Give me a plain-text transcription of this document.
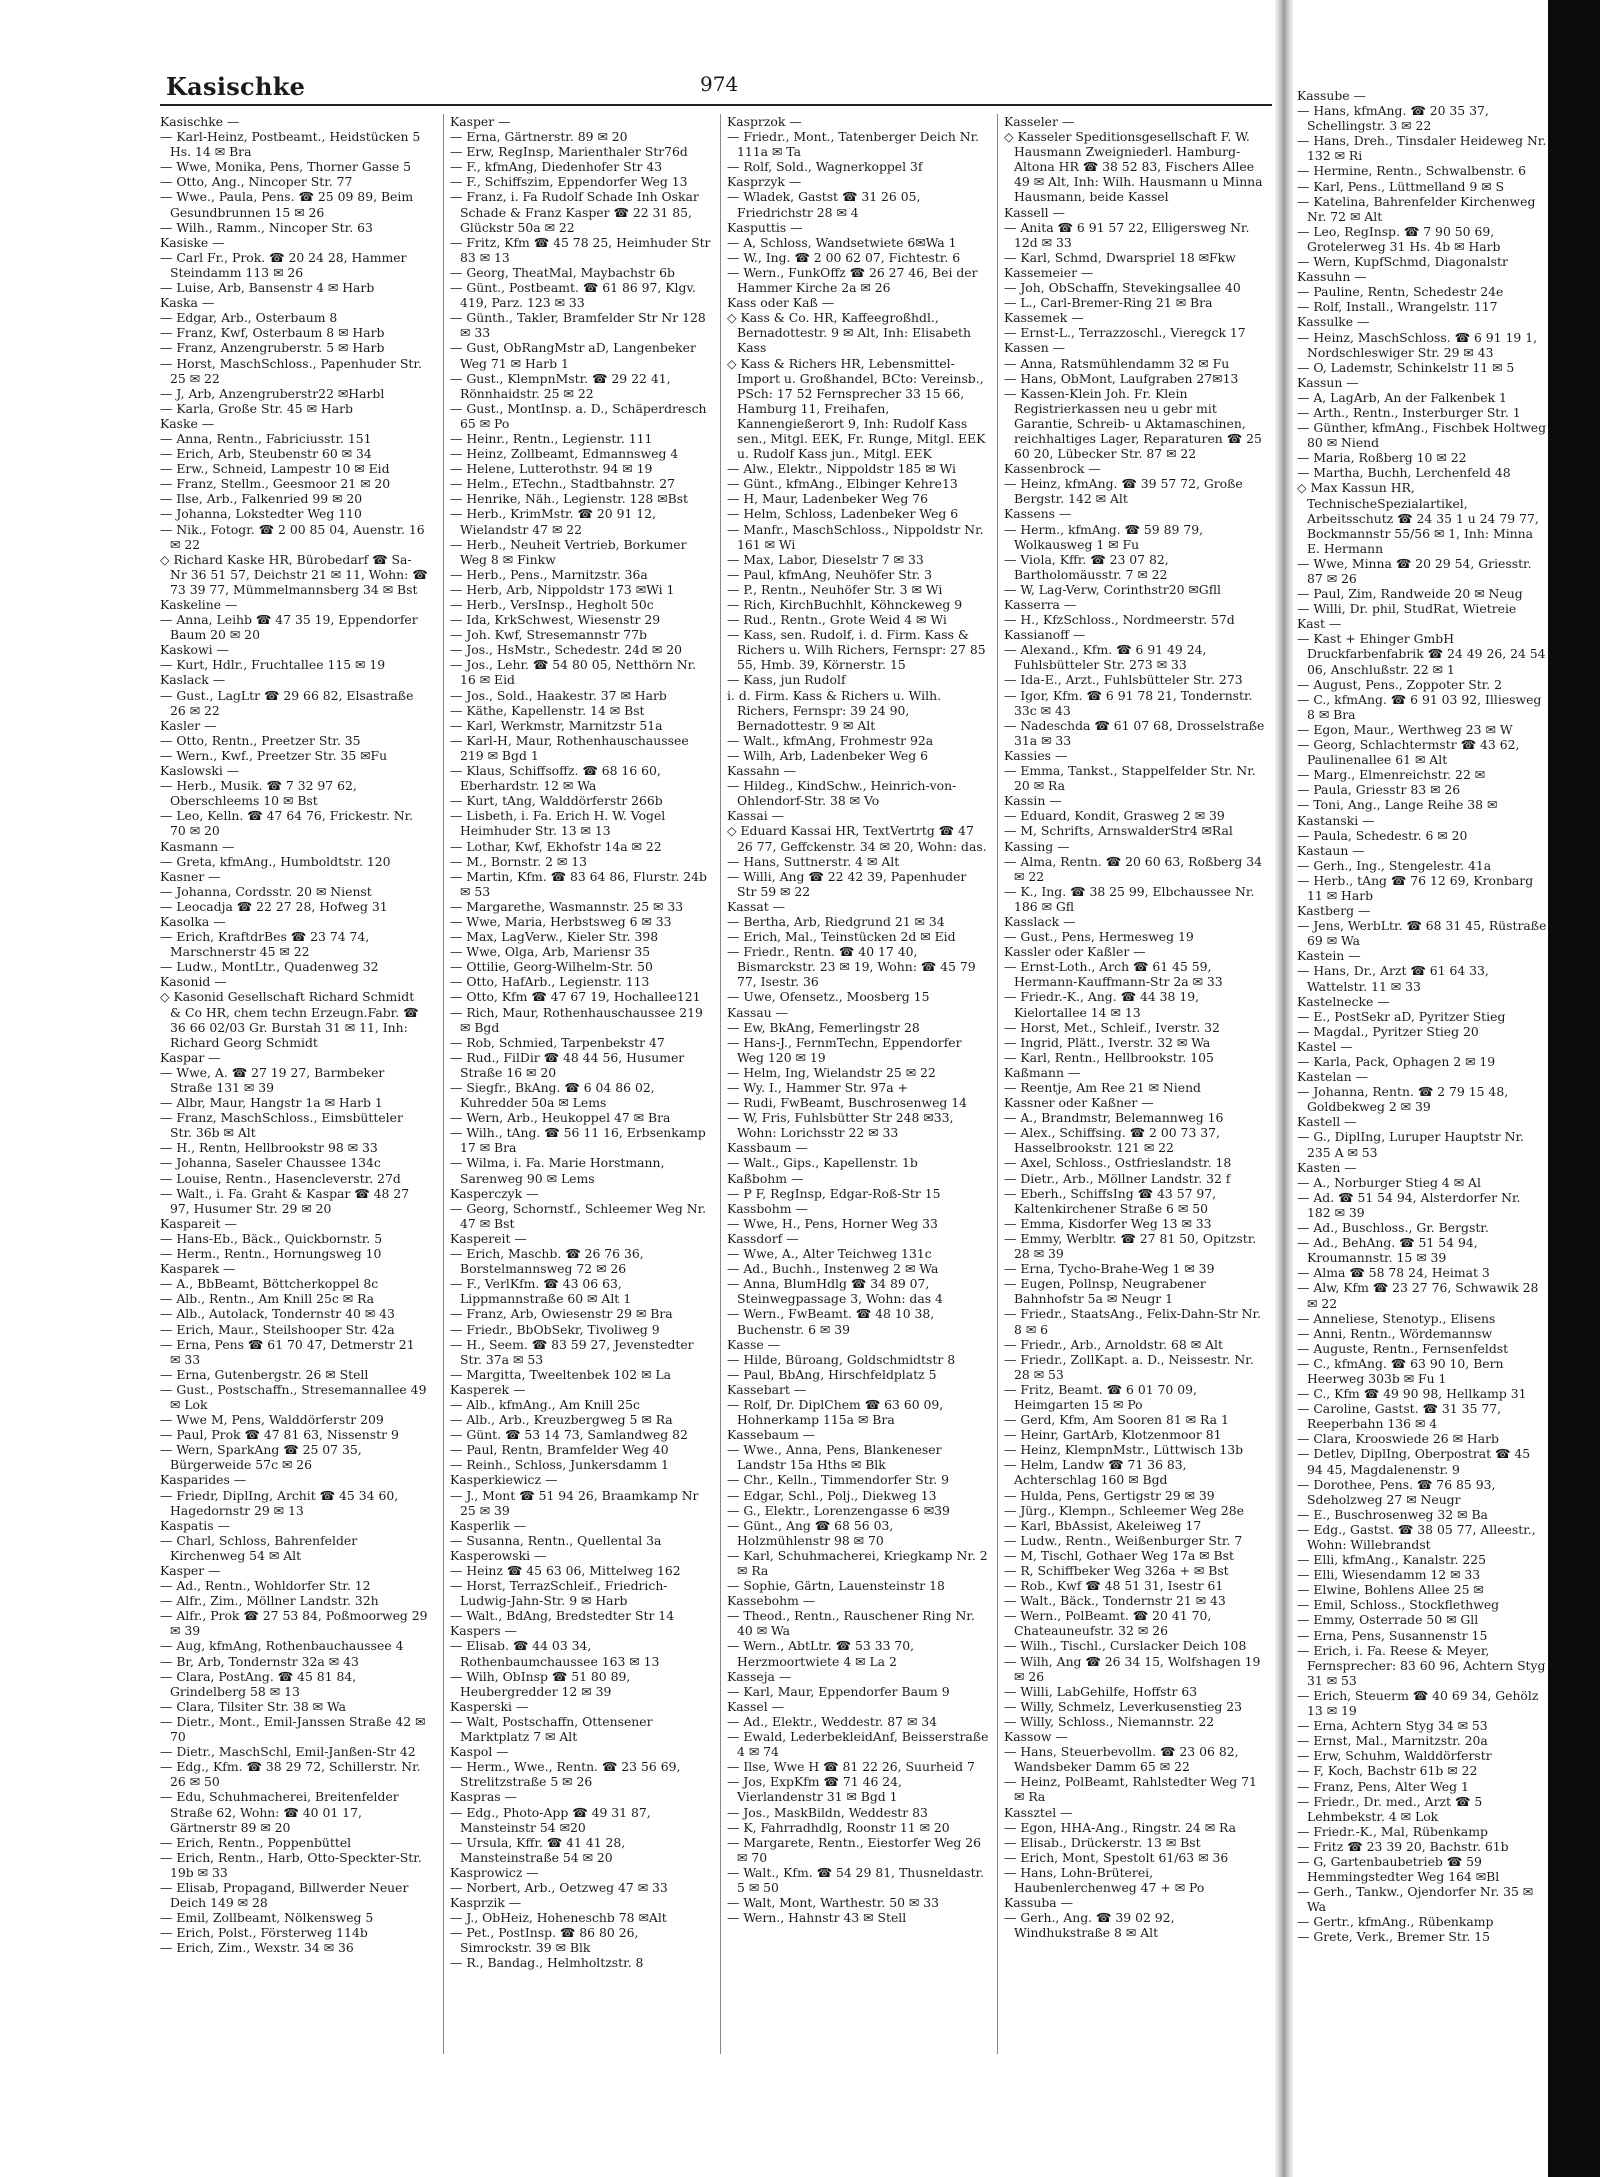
Kasischke	974

Kasischke —

— Karl-Heinz, Postbeamt., Heidstücken 5 Hs. 14 ✉ Bra

— Wwe, Monika, Pens, Thorner Gasse 5

— Otto, Ang., Nincoper Str. 77

— Wwe., Paula, Pens. ☎ 25 09 89, Beim Gesundbrunnen 15 ✉ 26

— Wilh., Ramm., Nincoper Str. 63

Kasiske —

— Carl Fr., Prok. ☎ 20 24 28, Hammer Steindamm 113 ✉ 26

— Luise, Arb, Bansenstr 4 ✉ Harb

Kaska —

— Edgar, Arb., Osterbaum 8

— Franz, Kwf, Osterbaum 8 ✉ Harb

— Franz, Anzengruberstr. 5 ✉ Harb

— Horst, MaschSchloss., Papenhuder Str. 25 ✉ 22

— J, Arb, Anzengruberstr22 ✉Harbl

— Karla, Große Str. 45 ✉ Harb

Kaske —

— Anna, Rentn., Fabriciusstr. 151

— Erich, Arb, Steubenstr 60 ✉ 34

— Erw., Schneid, Lampestr 10 ✉ Eid

— Franz, Stellm., Geesmoor 21 ✉ 20

— Ilse, Arb., Falkenried 99 ✉ 20

— Johanna, Lokstedter Weg 110

— Nik., Fotogr. ☎ 2 00 85 04, Auenstr. 16 ✉ 22

◇ Richard Kaske HR, Bürobedarf ☎ Sa-Nr 36 51 57, Deichstr 21 ✉ 11, Wohn: ☎ 73 39 77, Mümmelmannsberg 34 ✉ Bst

Kaskeline —

— Anna, Leihb ☎ 47 35 19, Eppendorfer Baum 20 ✉ 20

Kaskowi —

— Kurt, Hdlr., Fruchtallee 115 ✉ 19

Kaslack —

— Gust., LagLtr ☎ 29 66 82, Elsastraße 26 ✉ 22

Kasler —

— Otto, Rentn., Preetzer Str. 35

— Wern., Kwf., Preetzer Str. 35 ✉Fu

Kaslowski —

— Herb., Musik. ☎ 7 32 97 62, Oberschleems 10 ✉ Bst

— Leo, Kelln. ☎ 47 64 76, Frickestr. Nr. 70 ✉ 20

Kasmann —

— Greta, kfmAng., Humboldtstr. 120

Kasner —

— Johanna, Cordsstr. 20 ✉ Nienst

— Leocadja ☎ 22 27 28, Hofweg 31

Kasolka —

— Erich, KraftdrBes ☎ 23 74 74, Marschnerstr 45 ✉ 22

— Ludw., MontLtr., Quadenweg 32

Kasonid —

◇ Kasonid Gesellschaft Richard Schmidt & Co HR, chem techn Erzeugn.Fabr. ☎ 36 66 02/03 Gr. Burstah 31 ✉ 11, Inh: Richard Georg Schmidt

Kaspar —

— Wwe, A. ☎ 27 19 27, Barmbeker Straße 131 ✉ 39

— Albr, Maur, Hangstr 1a ✉ Harb 1

— Franz, MaschSchloss., Eimsbütteler Str. 36b ✉ Alt

— H., Rentn, Hellbrookstr 98 ✉ 33

— Johanna, Saseler Chaussee 134c

— Louise, Rentn., Hasencleverstr. 27d

— Walt., i. Fa. Graht & Kaspar ☎ 48 27 97, Husumer Str. 29 ✉ 20

Kaspareit —

— Hans-Eb., Bäck., Quickbornstr. 5

— Herm., Rentn., Hornungsweg 10

Kasparek —

— A., BbBeamt, Böttcherkoppel 8c

— Alb., Rentn., Am Knill 25c ✉ Ra

— Alb., Autolack, Tondernstr 40 ✉ 43

— Erich, Maur., Steilshooper Str. 42a

— Erna, Pens ☎ 61 70 47, Detmerstr 21 ✉ 33

— Erna, Gutenbergstr. 26 ✉ Stell

— Gust., Postschaffn., Stresemannallee 49 ✉ Lok

— Wwe M, Pens, Walddörferstr 209

— Paul, Prok ☎ 47 81 63, Nissenstr 9

— Wern, SparkAng ☎ 25 07 35, Bürgerweide 57c ✉ 26

Kasparides —

— Friedr, DiplIng, Archit ☎ 45 34 60, Hagedornstr 29 ✉ 13

Kaspatis —

— Charl, Schloss, Bahrenfelder Kirchenweg 54 ✉ Alt

Kasper —

— Ad., Rentn., Wohldorfer Str. 12

— Alfr., Zim., Möllner Landstr. 32h

— Alfr., Prok ☎ 27 53 84, Poßmoorweg 29 ✉ 39

— Aug, kfmAng, Rothenbauchaussee 4

— Br, Arb, Tondernstr 32a ✉ 43

— Clara, PostAng. ☎ 45 81 84, Grindelberg 58 ✉ 13

— Clara, Tilsiter Str. 38 ✉ Wa

— Dietr., Mont., Emil-Janssen Straße 42 ✉ 70

— Dietr., MaschSchl, Emil-Janßen-Str 42

— Edg., Kfm. ☎ 38 29 72, Schillerstr. Nr. 26 ✉ 50

— Edu, Schuhmacherei, Breitenfelder Straße 62, Wohn: ☎ 40 01 17, Gärtnerstr 89 ✉ 20

— Erich, Rentn., Poppenbüttel

— Erich, Rentn., Harb, Otto-Speckter-Str. 19b ✉ 33

— Elisab, Propagand, Billwerder Neuer Deich 149 ✉ 28

— Emil, Zollbeamt, Nölkensweg 5

— Erich, Polst., Försterweg 114b

— Erich, Zim., Wexstr. 34 ✉ 36

Kasper —

— Erna, Gärtnerstr. 89 ✉ 20

— Erw, RegInsp, Marienthaler Str76d

— F., kfmAng, Diedenhofer Str 43

— F., Schiffszim, Eppendorfer Weg 13

— Franz, i. Fa Rudolf Schade Inh Oskar Schade & Franz Kasper ☎ 22 31 85, Glückstr 50a ✉ 22

— Fritz, Kfm ☎ 45 78 25, Heimhuder Str 83 ✉ 13

— Georg, TheatMal, Maybachstr 6b

— Günt., Postbeamt. ☎ 61 86 97, Klgv. 419, Parz. 123 ✉ 33

— Günth., Takler, Bramfelder Str Nr 128 ✉ 33

— Gust, ObRangMstr aD, Langenbeker Weg 71 ✉ Harb 1

— Gust., KlempnMstr. ☎ 29 22 41, Rönnhaidstr. 25 ✉ 22

— Gust., MontInsp. a. D., Schäperdresch 65 ✉ Po

— Heinr., Rentn., Legienstr. 111

— Heinz, Zollbeamt, Edmannsweg 4

— Helene, Lutterothstr. 94 ✉ 19

— Helm., ETechn., Stadtbahnstr. 27

— Henrike, Näh., Legienstr. 128 ✉Bst

— Herb., KrimMstr. ☎ 20 91 12, Wielandstr 47 ✉ 22

— Herb., Neuheit Vertrieb, Borkumer Weg 8 ✉ Finkw

— Herb., Pens., Marnitzstr. 36a

— Herb, Arb, Nippoldstr 173 ✉Wi 1

— Herb., VersInsp., Hegholt 50c

— Ida, KrkSchwest, Wiesenstr 29

— Joh. Kwf, Stresemannstr 77b

— Jos., HsMstr., Schedestr. 24d ✉ 20

— Jos., Lehr. ☎ 54 80 05, Netthörn Nr. 16 ✉ Eid

— Jos., Sold., Haakestr. 37 ✉ Harb

— Käthe, Kapellenstr. 14 ✉ Bst

— Karl, Werkmstr, Marnitzstr 51a

— Karl-H, Maur, Rothenhauschaussee 219 ✉ Bgd 1

— Klaus, Schiffsoffz. ☎ 68 16 60, Eberhardstr. 12 ✉ Wa

— Kurt, tAng, Walddörferstr 266b

— Lisbeth, i. Fa. Erich H. W. Vogel Heimhuder Str. 13 ✉ 13

— Lothar, Kwf, Ekhofstr 14a ✉ 22

— M., Bornstr. 2 ✉ 13

— Martin, Kfm. ☎ 83 64 86, Flurstr. 24b ✉ 53

— Margarethe, Wasmannstr. 25 ✉ 33

— Wwe, Maria, Herbstsweg 6 ✉ 33

— Max, LagVerw., Kieler Str. 398

— Wwe, Olga, Arb, Mariensr 35

— Ottilie, Georg-Wilhelm-Str. 50

— Otto, HafArb., Legienstr. 113

— Otto, Kfm ☎ 47 67 19, Hochallee121

— Rich, Maur, Rothenhauschaussee 219 ✉ Bgd

— Rob, Schmied, Tarpenbekstr 47

— Rud., FilDir ☎ 48 44 56, Husumer Straße 16 ✉ 20

— Siegfr., BkAng. ☎ 6 04 86 02, Kuhredder 50a ✉ Lems

— Wern, Arb., Heukoppel 47 ✉ Bra

— Wilh., tAng. ☎ 56 11 16, Erbsenkamp 17 ✉ Bra

— Wilma, i. Fa. Marie Horstmann, Sarenweg 90 ✉ Lems

Kasperczyk —

— Georg, Schornstf., Schleemer Weg Nr. 47 ✉ Bst

Kaspereit —

— Erich, Maschb. ☎ 26 76 36, Borstelmannsweg 72 ✉ 26

— F., VerlKfm. ☎ 43 06 63, Lippmannstraße 60 ✉ Alt 1

— Franz, Arb, Owiesenstr 29 ✉ Bra

— Friedr., BbObSekr, Tivoliweg 9

— H., Seem. ☎ 83 59 27, Jevenstedter Str. 37a ✉ 53

— Margitta, Tweeltenbek 102 ✉ La

Kasperek —

— Alb., kfmAng., Am Knill 25c

— Alb., Arb., Kreuzbergweg 5 ✉ Ra

— Günt. ☎ 53 14 73, Samlandweg 82

— Paul, Rentn, Bramfelder Weg 40

— Reinh., Schloss, Junkersdamm 1

Kasperkiewicz —

— J., Mont ☎ 51 94 26, Braamkamp Nr 25 ✉ 39

Kasperlik —

— Susanna, Rentn., Quellental 3a

Kasperowski —

— Heinz ☎ 45 63 06, Mittelweg 162

— Horst, TerrazSchleif., Friedrich-Ludwig-Jahn-Str. 9 ✉ Harb

— Walt., BdAng, Bredstedter Str 14

Kaspers —

— Elisab. ☎ 44 03 34, Rothenbaumchaussee 163 ✉ 13

— Wilh, ObInsp ☎ 51 80 89, Heubergredder 12 ✉ 39

Kasperski —

— Walt, Postschaffn, Ottensener Marktplatz 7 ✉ Alt

Kaspol —

— Herm., Wwe., Rentn. ☎ 23 56 69, Strelitzstraße 5 ✉ 26

Kaspras —

— Edg., Photo-App ☎ 49 31 87, Mansteinstr 54 ✉20

— Ursula, Kffr. ☎ 41 41 28, Mansteinstraße 54 ✉ 20

Kasprowicz —

— Norbert, Arb., Oetzweg 47 ✉ 33

Kasprzik —

— J., ObHeiz, Hoheneschb 78 ✉Alt

— Pet., PostInsp. ☎ 86 80 26, Simrockstr. 39 ✉ Blk

— R., Bandag., Helmholtzstr. 8

Kasprzok —

— Friedr., Mont., Tatenberger Deich Nr. 111a ✉ Ta

— Rolf, Sold., Wagnerkoppel 3f

Kasprzyk —

— Wladek, Gastst ☎ 31 26 05, Friedrichstr 28 ✉ 4

Kasputtis —

— A, Schloss, Wandsetwiete 6✉Wa 1

— W., Ing. ☎ 2 00 62 07, Fichtestr. 6

— Wern., FunkOffz ☎ 26 27 46, Bei der Hammer Kirche 2a ✉ 26

Kass oder Kaß —

◇ Kass & Co. HR, Kaffeegroßhdl., Bernadottestr. 9 ✉ Alt, Inh: Elisabeth Kass

◇ Kass & Richers HR, Lebensmittel-Import u. Großhandel, BCto: Vereinsb., PSch: 17 52 Fernsprecher 33 15 66, Hamburg 11, Freihafen, Kannengießerort 9, Inh: Rudolf Kass sen., Mitgl. EEK, Fr. Runge, Mitgl. EEK u. Rudolf Kass jun., Mitgl. EEK

— Alw., Elektr., Nippoldstr 185 ✉ Wi

— Günt., kfmAng., Elbinger Kehre13

— H, Maur, Ladenbeker Weg 76

— Helm, Schloss, Ladenbeker Weg 6

— Manfr., MaschSchloss., Nippoldstr Nr. 161 ✉ Wi

— Max, Labor, Dieselstr 7 ✉ 33

— Paul, kfmAng, Neuhöfer Str. 3

— P., Rentn., Neuhöfer Str. 3 ✉ Wi

— Rich, KirchBuchhlt, Köhnckeweg 9

— Rud., Rentn., Grote Weid 4 ✉ Wi

— Kass, sen. Rudolf, i. d. Firm. Kass & Richers u. Wilh Richers, Fernspr: 27 85 55, Hmb. 39, Körnerstr. 15

— Kass, jun Rudolf

i. d. Firm. Kass & Richers u. Wilh. Richers, Fernspr: 39 24 90, Bernadottestr. 9 ✉ Alt

— Walt., kfmAng, Frohmestr 92a

— Wilh, Arb, Ladenbeker Weg 6

Kassahn —

— Hildeg., KindSchw., Heinrich-von-Ohlendorf-Str. 38 ✉ Vo

Kassai —

◇ Eduard Kassai HR, TextVertrtg ☎ 47 26 77, Geffckenstr. 34 ✉ 20, Wohn: das.

— Hans, Suttnerstr. 4 ✉ Alt

— Willi, Ang ☎ 22 42 39, Papenhuder Str 59 ✉ 22

Kassat —

— Bertha, Arb, Riedgrund 21 ✉ 34

— Erich, Mal., Teinstücken 2d ✉ Eid

— Friedr., Rentn. ☎ 40 17 40, Bismarckstr. 23 ✉ 19, Wohn: ☎ 45 79 77, Isestr. 36

— Uwe, Ofensetz., Moosberg 15

Kassau —

— Ew, BkAng, Femerlingstr 28

— Hans-J., FernmTechn, Eppendorfer Weg 120 ✉ 19

— Helm, Ing, Wielandstr 25 ✉ 22

— Wy. I., Hammer Str. 97a +

— Rudi, FwBeamt, Buschrosenweg 14

— W, Fris, Fuhlsbütter Str 248 ✉33, Wohn: Lorichsstr 22 ✉ 33

Kassbaum —

— Walt., Gips., Kapellenstr. 1b

Kaßbohm —

— P F, RegInsp, Edgar-Roß-Str 15

Kassbohm —

— Wwe, H., Pens, Horner Weg 33

Kassdorf —

— Wwe, A., Alter Teichweg 131c

— Ad., Buchh., Instenweg 2 ✉ Wa

— Anna, BlumHdlg ☎ 34 89 07, Steinwegpassage 3, Wohn: das 4

— Wern., FwBeamt. ☎ 48 10 38, Buchenstr. 6 ✉ 39

Kasse —

— Hilde, Büroang, Goldschmidtstr 8

— Paul, BbAng, Hirschfeldplatz 5

Kassebart —

— Rolf, Dr. DiplChem ☎ 63 60 09, Hohnerkamp 115a ✉ Bra

Kassebaum —

— Wwe., Anna, Pens, Blankeneser Landstr 15a Hths ✉ Blk

— Chr., Kelln., Timmendorfer Str. 9

— Edgar, Schl., Polj., Diekweg 13

— G., Elektr., Lorenzengasse 6 ✉39

— Günt., Ang ☎ 68 56 03, Holzmühlenstr 98 ✉ 70

— Karl, Schuhmacherei, Kriegkamp Nr. 2 ✉ Ra

— Sophie, Gärtn, Lauensteinstr 18

Kassebohm —

— Theod., Rentn., Rauschener Ring Nr. 40 ✉ Wa

— Wern., AbtLtr. ☎ 53 33 70, Herzmoortwiete 4 ✉ La 2

Kasseja —

— Karl, Maur, Eppendorfer Baum 9

Kassel —

— Ad., Elektr., Weddestr. 87 ✉ 34

— Ewald, LederbekleidAnf, Beisserstraße 4 ✉ 74

— Ilse, Wwe H ☎ 81 22 26, Suurheid 7

— Jos, ExpKfm ☎ 71 46 24, Vierlandenstr 31 ✉ Bgd 1

— Jos., MaskBildn, Weddestr 83

— K, Fahrradhdlg, Roonstr 11 ✉ 20

— Margarete, Rentn., Eiestorfer Weg 26 ✉ 70

— Walt., Kfm. ☎ 54 29 81, Thusneldastr. 5 ✉ 50

— Walt, Mont, Warthestr. 50 ✉ 33

— Wern., Hahnstr 43 ✉ Stell

Kasseler —

◇ Kasseler Speditionsgesellschaft F. W. Hausmann Zweigniederl. Hamburg-Altona HR ☎ 38 52 83, Fischers Allee 49 ✉ Alt, Inh: Wilh. Hausmann u Minna Hausmann, beide Kassel

Kassell —

— Anita ☎ 6 91 57 22, Elligersweg Nr. 12d ✉ 33

— Karl, Schmd, Dwarspriel 18 ✉Fkw

Kassemeier —

— Joh, ObSchaffn, Stevekingsallee 40

— L., Carl-Bremer-Ring 21 ✉ Bra

Kassemek —

— Ernst-L., Terrazzoschl., Vieregck 17

Kassen —

— Anna, Ratsmühlendamm 32 ✉ Fu

— Hans, ObMont, Laufgraben 27✉13

— Kassen-Klein Joh. Fr. Klein Registrierkassen neu u gebr mit Garantie, Schreib- u Aktamaschinen, reichhaltiges Lager, Reparaturen ☎ 25 60 20, Lübecker Str. 87 ✉ 22

Kassenbrock —

— Heinz, kfmAng. ☎ 39 57 72, Große Bergstr. 142 ✉ Alt

Kassens —

— Herm., kfmAng. ☎ 59 89 79, Wolkausweg 1 ✉ Fu

— Viola, Kffr. ☎ 23 07 82, Bartholomäusstr. 7 ✉ 22

— W, Lag-Verw, Corinthstr20 ✉Gfll

Kasserra —

— H., KfzSchloss., Nordmeerstr. 57d

Kassianoff —

— Alexand., Kfm. ☎ 6 91 49 24, Fuhlsbütteler Str. 273 ✉ 33

— Ida-E., Arzt., Fuhlsbütteler Str. 273

— Igor, Kfm. ☎ 6 91 78 21, Tondernstr. 33c ✉ 43

— Nadeschda ☎ 61 07 68, Drosselstraße 31a ✉ 33

Kassies —

— Emma, Tankst., Stappelfelder Str. Nr. 20 ✉ Ra

Kassin —

— Eduard, Kondit, Grasweg 2 ✉ 39

— M, Schrifts, ArnswalderStr4 ✉Ral

Kassing —

— Alma, Rentn. ☎ 20 60 63, Roßberg 34 ✉ 22

— K., Ing. ☎ 38 25 99, Elbchaussee Nr. 186 ✉ Gfl

Kasslack —

— Gust., Pens, Hermesweg 19

Kassler oder Kaßler —

— Ernst-Loth., Arch ☎ 61 45 59, Hermann-Kauffmann-Str 2a ✉ 33

— Friedr.-K., Ang. ☎ 44 38 19, Kielortallee 14 ✉ 13

— Horst, Met., Schleif., Iverstr. 32

— Ingrid, Plätt., Iverstr. 32 ✉ Wa

— Karl, Rentn., Hellbrookstr. 105

Kaßmann —

— Reentje, Am Ree 21 ✉ Niend

Kassner oder Kaßner —

— A., Brandmstr, Belemannweg 16

— Alex., Schiffsing. ☎ 2 00 73 37, Hasselbrookstr. 121 ✉ 22

— Axel, Schloss., Ostfrieslandstr. 18

— Dietr., Arb., Möllner Landstr. 32 f

— Eberh., SchiffsIng ☎ 43 57 97, Kaltenkirchener Straße 6 ✉ 50

— Emma, Kisdorfer Weg 13 ✉ 33

— Emmy, Werbltr. ☎ 27 81 50, Opitzstr. 28 ✉ 39

— Erna, Tycho-Brahe-Weg 1 ✉ 39

— Eugen, Pollnsp, Neugrabener Bahnhofstr 5a ✉ Neugr 1

— Friedr., StaatsAng., Felix-Dahn-Str Nr. 8 ✉ 6

— Friedr., Arb., Arnoldstr. 68 ✉ Alt

— Friedr., ZollKapt. a. D., Neissestr. Nr. 28 ✉ 53

— Fritz, Beamt. ☎ 6 01 70 09, Heimgarten 15 ✉ Po

— Gerd, Kfm, Am Sooren 81 ✉ Ra 1

— Heinr, GartArb, Klotzenmoor 81

— Heinz, KlempnMstr., Lüttwisch 13b

— Helm, Landw ☎ 71 36 83, Achterschlag 160 ✉ Bgd

— Hulda, Pens, Gertigstr 29 ✉ 39

— Jürg., Klempn., Schleemer Weg 28e

— Karl, BbAssist, Akeleiweg 17

— Ludw., Rentn., Weißenburger Str. 7

— M, Tischl, Gothaer Weg 17a ✉ Bst

— R, Schiffbeker Weg 326a + ✉ Bst

— Rob., Kwf ☎ 48 51 31, Isestr 61

— Walt., Bäck., Tondernstr 21 ✉ 43

— Wern., PolBeamt. ☎ 20 41 70, Chateauneufstr. 32 ✉ 26

— Wilh., Tischl., Curslacker Deich 108

— Wilh, Ang ☎ 26 34 15, Wolfshagen 19 ✉ 26

— Willi, LabGehilfe, Hoffstr 63

— Willy, Schmelz, Leverkusenstieg 23

— Willy, Schloss., Niemannstr. 22

Kassow —

— Hans, Steuerbevollm. ☎ 23 06 82, Wandsbeker Damm 65 ✉ 22

— Heinz, PolBeamt, Rahlstedter Weg 71 ✉ Ra

Kassztel —

— Egon, HHA-Ang., Ringstr. 24 ✉ Ra

— Elisab., Drückerstr. 13 ✉ Bst

— Erich, Mont, Spestolt 61/63 ✉ 36

— Hans, Lohn-Brüterei, Haubenlerchenweg 47 + ✉ Po

Kassuba —

— Gerh., Ang. ☎ 39 02 92, Windhukstraße 8 ✉ Alt

Kassube —

— Hans, kfmAng. ☎ 20 35 37, Schellingstr. 3 ✉ 22

— Hans, Dreh., Tinsdaler Heideweg Nr. 132 ✉ Ri

— Hermine, Rentn., Schwalbenstr. 6

— Karl, Pens., Lüttmelland 9 ✉ S

— Katelina, Bahrenfelder Kirchenweg Nr. 72 ✉ Alt

— Leo, RegInsp. ☎ 7 90 50 69, Grotelerweg 31 Hs. 4b ✉ Harb

— Wern, KupfSchmd, Diagonalstr

Kassuhn —

— Pauline, Rentn, Schedestr 24e

— Rolf, Install., Wrangelstr. 117

Kassulke —

— Heinz, MaschSchloss. ☎ 6 91 19 1, Nordschleswiger Str. 29 ✉ 43

— O, Lademstr, Schinkelstr 11 ✉ 5

Kassun —

— A, LagArb, An der Falkenbek 1

— Arth., Rentn., Insterburger Str. 1

— Günther, kfmAng., Fischbek Holtweg 80 ✉ Niend

— Maria, Roßberg 10 ✉ 22

— Martha, Buchh, Lerchenfeld 48

◇ Max Kassun HR, TechnischeSpezialartikel, Arbeitsschutz ☎ 24 35 1 u 24 79 77, Bockmannstr 55/56 ✉ 1, Inh: Minna E. Hermann

— Wwe, Minna ☎ 20 29 54, Griesstr. 87 ✉ 26

— Paul, Zim, Randweide 20 ✉ Neug

— Willi, Dr. phil, StudRat, Wietreie

Kast —

— Kast + Ehinger GmbH Druckfarbenfabrik ☎ 24 49 26, 24 54 06, Anschlußstr. 22 ✉ 1

— August, Pens., Zoppoter Str. 2

— C., kfmAng. ☎ 6 91 03 92, Illiesweg 8 ✉ Bra

— Egon, Maur., Werthweg 23 ✉ W

— Georg, Schlachtermstr ☎ 43 62, Paulinenallee 61 ✉ Alt

— Marg., Elmenreichstr. 22 ✉

— Paula, Griesstr 83 ✉ 26

— Toni, Ang., Lange Reihe 38 ✉

Kastanski —

— Paula, Schedestr. 6 ✉ 20

Kastaun —

— Gerh., Ing., Stengelestr. 41a

— Herb., tAng ☎ 76 12 69, Kronbarg 11 ✉ Harb

Kastberg —

— Jens, WerbLtr. ☎ 68 31 45, Rüstraße 69 ✉ Wa

Kastein —

— Hans, Dr., Arzt ☎ 61 64 33, Wattelstr. 11 ✉ 33

Kastelnecke —

— E., PostSekr aD, Pyritzer Stieg

— Magdal., Pyritzer Stieg 20

Kastel —

— Karla, Pack, Ophagen 2 ✉ 19

Kastelan —

— Johanna, Rentn. ☎ 2 79 15 48, Goldbekweg 2 ✉ 39

Kastell —

— G., DiplIng, Luruper Hauptstr Nr. 235 A ✉ 53

Kasten —

— A., Norburger Stieg 4 ✉ Al

— Ad. ☎ 51 54 94, Alsterdorfer Nr. 182 ✉ 39

— Ad., Buschloss., Gr. Bergstr.

— Ad., BehAng. ☎ 51 54 94, Kroumannstr. 15 ✉ 39

— Alma ☎ 58 78 24, Heimat 3

— Alw, Kfm ☎ 23 27 76, Schwawik 28 ✉ 22

— Anneliese, Stenotyp., Elisens

— Anni, Rentn., Wördemannsw

— Auguste, Rentn., Fernsenfeldst

— C., kfmAng. ☎ 63 90 10, Bern Heerweg 303b ✉ Fu 1

— C., Kfm ☎ 49 90 98, Hellkamp 31

— Caroline, Gastst. ☎ 31 35 77, Reeperbahn 136 ✉ 4

— Clara, Krooswiede 26 ✉ Harb

— Detlev, DiplIng, Oberpostrat ☎ 45 94 45, Magdalenenstr. 9

— Dorothee, Pens. ☎ 76 85 93, Sdeholzweg 27 ✉ Neugr

— E., Buschrosenweg 32 ✉ Ba

— Edg., Gastst. ☎ 38 05 77, Alleestr., Wohn: Willebrandst

— Elli, kfmAng., Kanalstr. 225

— Elli, Wiesendamm 12 ✉ 33

— Elwine, Bohlens Allee 25 ✉

— Emil, Schloss., Stockflethweg

— Emmy, Osterrade 50 ✉ Gll

— Erna, Pens, Susannenstr 15

— Erich, i. Fa. Reese & Meyer, Fernsprecher: 83 60 96, Achtern Styg 31 ✉ 53

— Erich, Steuerm ☎ 40 69 34, Gehölz 13 ✉ 19

— Erna, Achtern Styg 34 ✉ 53

— Ernst, Mal., Marnitzstr. 20a

— Erw, Schuhm, Walddörferstr

— F, Koch, Bachstr 61b ✉ 22

— Franz, Pens, Alter Weg 1

— Friedr., Dr. med., Arzt ☎ 5 Lehmbekstr. 4 ✉ Lok

— Friedr.-K., Mal, Rübenkamp

— Fritz ☎ 23 39 20, Bachstr. 61b

— G, Gartenbaubetrieb ☎ 59 Hemmingstedter Weg 164 ✉Bl

— Gerh., Tankw., Ojendorfer Nr. 35 ✉ Wa

— Gertr., kfmAng., Rübenkamp

— Grete, Verk., Bremer Str. 15
